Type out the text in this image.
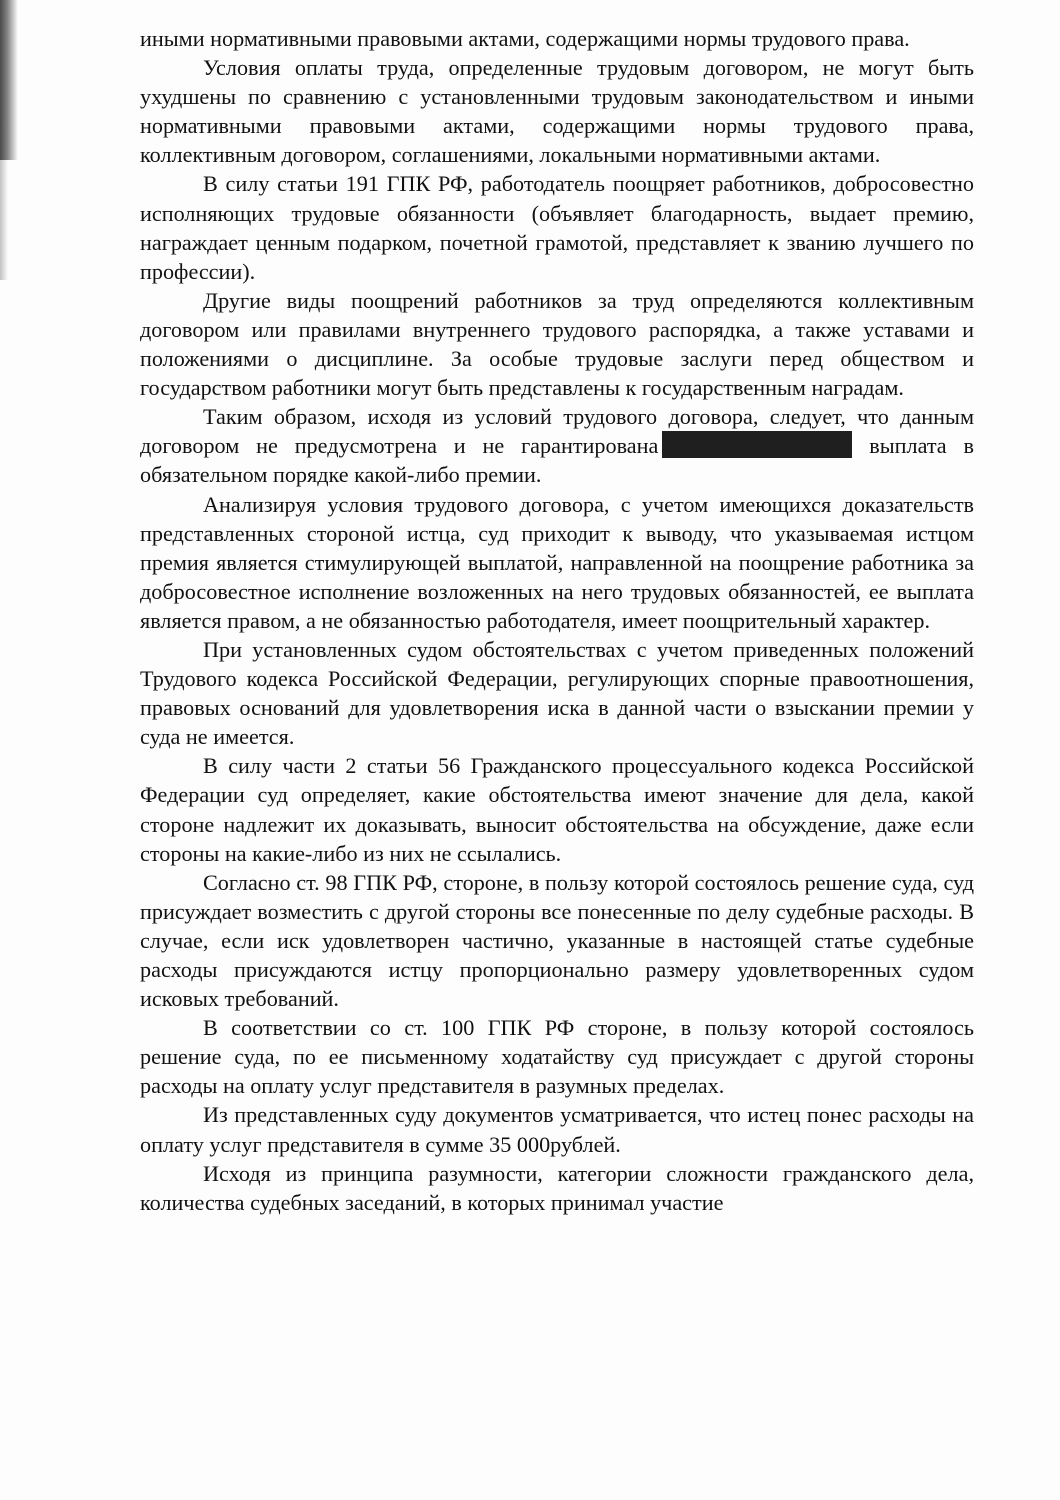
иными нормативными правовыми актами, содержащими нормы трудового права.

Условия оплаты труда, определенные трудовым договором, не могут быть ухудшены по сравнению с установленными трудовым законодательством и иными нормативными правовыми актами, содержащими нормы трудового права, коллективным договором, соглашениями, локальными нормативными актами.

В силу статьи 191 ГПК РФ, работодатель поощряет работников, добросовестно исполняющих трудовые обязанности (объявляет благодарность, выдает премию, награждает ценным подарком, почетной грамотой, представляет к званию лучшего по профессии).

Другие виды поощрений работников за труд определяются коллективным договором или правилами внутреннего трудового распорядка, а также уставами и положениями о дисциплине. За особые трудовые заслуги перед обществом и государством работники могут быть представлены к государственным наградам.

Таким образом, исходя из условий трудового договора, следует, что данным договором не предусмотрена и не гарантирована	выплата в обязательном порядке какой-либо премии.

Анализируя условия трудового договора, с учетом имеющихся доказательств представленных стороной истца, суд приходит к выводу, что указываемая истцом премия является стимулирующей выплатой, направленной на поощрение работника за добросовестное исполнение возложенных на него трудовых обязанностей, ее выплата является правом, а не обязанностью работодателя, имеет поощрительный характер.

При установленных судом обстоятельствах с учетом приведенных положений Трудового кодекса Российской Федерации, регулирующих спорные правоотношения, правовых оснований для удовлетворения иска в данной части о взыскании премии у суда не имеется.

В силу части 2 статьи 56 Гражданского процессуального кодекса Российской Федерации суд определяет, какие обстоятельства имеют значение для дела, какой стороне надлежит их доказывать, выносит обстоятельства на обсуждение, даже если стороны на какие-либо из них не ссылались.

Согласно ст. 98 ГПК РФ, стороне, в пользу которой состоялось решение суда, суд присуждает возместить с другой стороны все понесенные по делу судебные расходы. В случае, если иск удовлетворен частично, указанные в настоящей статье судебные расходы присуждаются истцу пропорционально размеру удовлетворенных судом исковых требований.

В соответствии со ст. 100 ГПК РФ стороне, в пользу которой состоялось решение суда, по ее письменному ходатайству суд присуждает с другой стороны расходы на оплату услуг представителя в разумных пределах.

Из представленных суду документов усматривается, что истец понес расходы на оплату услуг представителя в сумме 35 000рублей.

Исходя из принципа разумности, категории сложности гражданского дела, количества судебных заседаний, в которых принимал участие
